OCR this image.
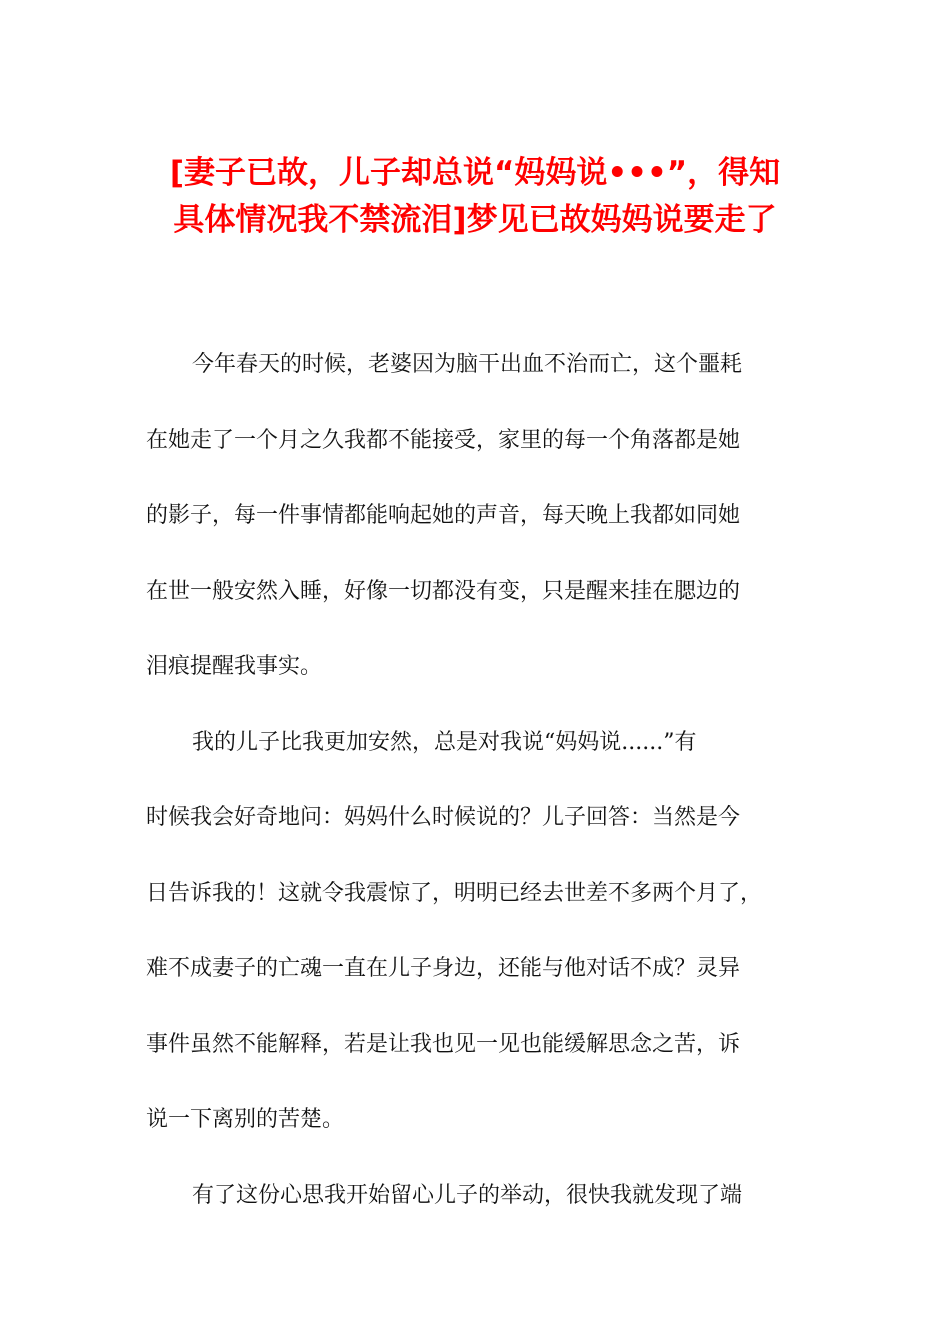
[妻子已故，儿子却总说“妈妈说•••”，得知
具体情况我不禁流泪]梦见已故妈妈说要走了

今年春天的时候，老婆因为脑干出血不治而亡，这个噩耗
在她走了一个月之久我都不能接受，家里的每一个角落都是她
的影子，每一件事情都能响起她的声音，每天晚上我都如同她
在世一般安然入睡，好像一切都没有变，只是醒来挂在腮边的
泪痕提醒我事实。

我的儿子比我更加安然，总是对我说“妈妈说......”有
时候我会好奇地问：妈妈什么时候说的？儿子回答：当然是今
日告诉我的！这就令我震惊了，明明已经去世差不多两个月了，
难不成妻子的亡魂一直在儿子身边，还能与他对话不成？灵异
事件虽然不能解释，若是让我也见一见也能缓解思念之苦，诉
说一下离别的苦楚。

有了这份心思我开始留心儿子的举动，很快我就发现了端
